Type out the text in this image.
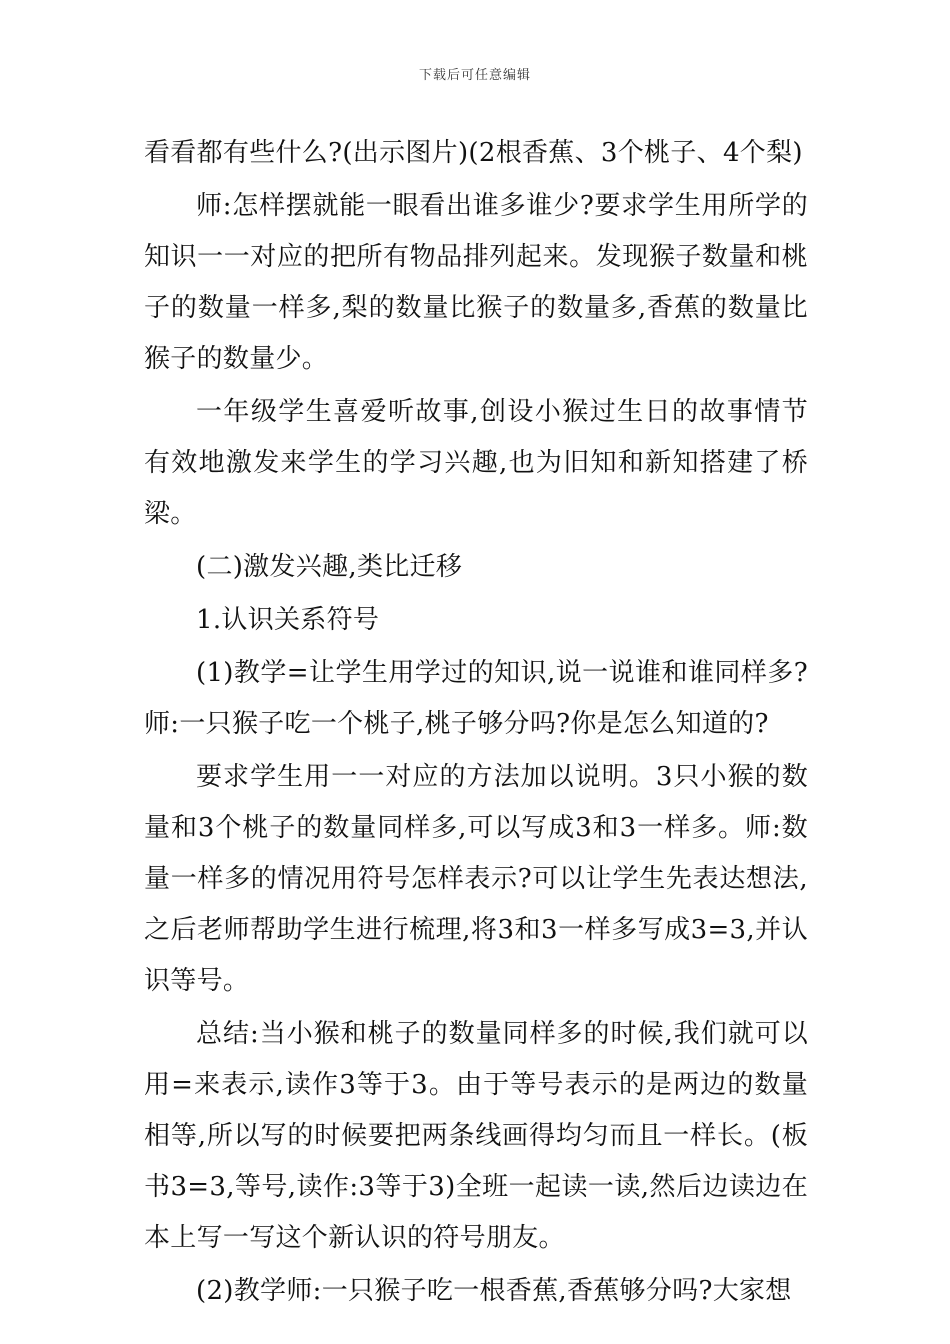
下载后可任意编辑

看看都有些什么?(出示图片)(2根香蕉、3个桃子、4个梨)

师:怎样摆就能一眼看出谁多谁少?要求学生用所学的知识一一对应的把所有物品排列起来。发现猴子数量和桃子的数量一样多,梨的数量比猴子的数量多,香蕉的数量比猴子的数量少。

一年级学生喜爱听故事,创设小猴过生日的故事情节有效地激发来学生的学习兴趣,也为旧知和新知搭建了桥梁。

(二)激发兴趣,类比迁移

1.认识关系符号

(1)教学=让学生用学过的知识,说一说谁和谁同样多?师:一只猴子吃一个桃子,桃子够分吗?你是怎么知道的?

要求学生用一一对应的方法加以说明。3只小猴的数量和3个桃子的数量同样多,可以写成3和3一样多。师:数量一样多的情况用符号怎样表示?可以让学生先表达想法,之后老师帮助学生进行梳理,将3和3一样多写成3=3,并认识等号。

总结:当小猴和桃子的数量同样多的时候,我们就可以用=来表示,读作3等于3。由于等号表示的是两边的数量相等,所以写的时候要把两条线画得均匀而且一样长。(板书3=3,等号,读作:3等于3)全班一起读一读,然后边读边在本上写一写这个新认识的符号朋友。

(2)教学师:一只猴子吃一根香蕉,香蕉够分吗?大家想
